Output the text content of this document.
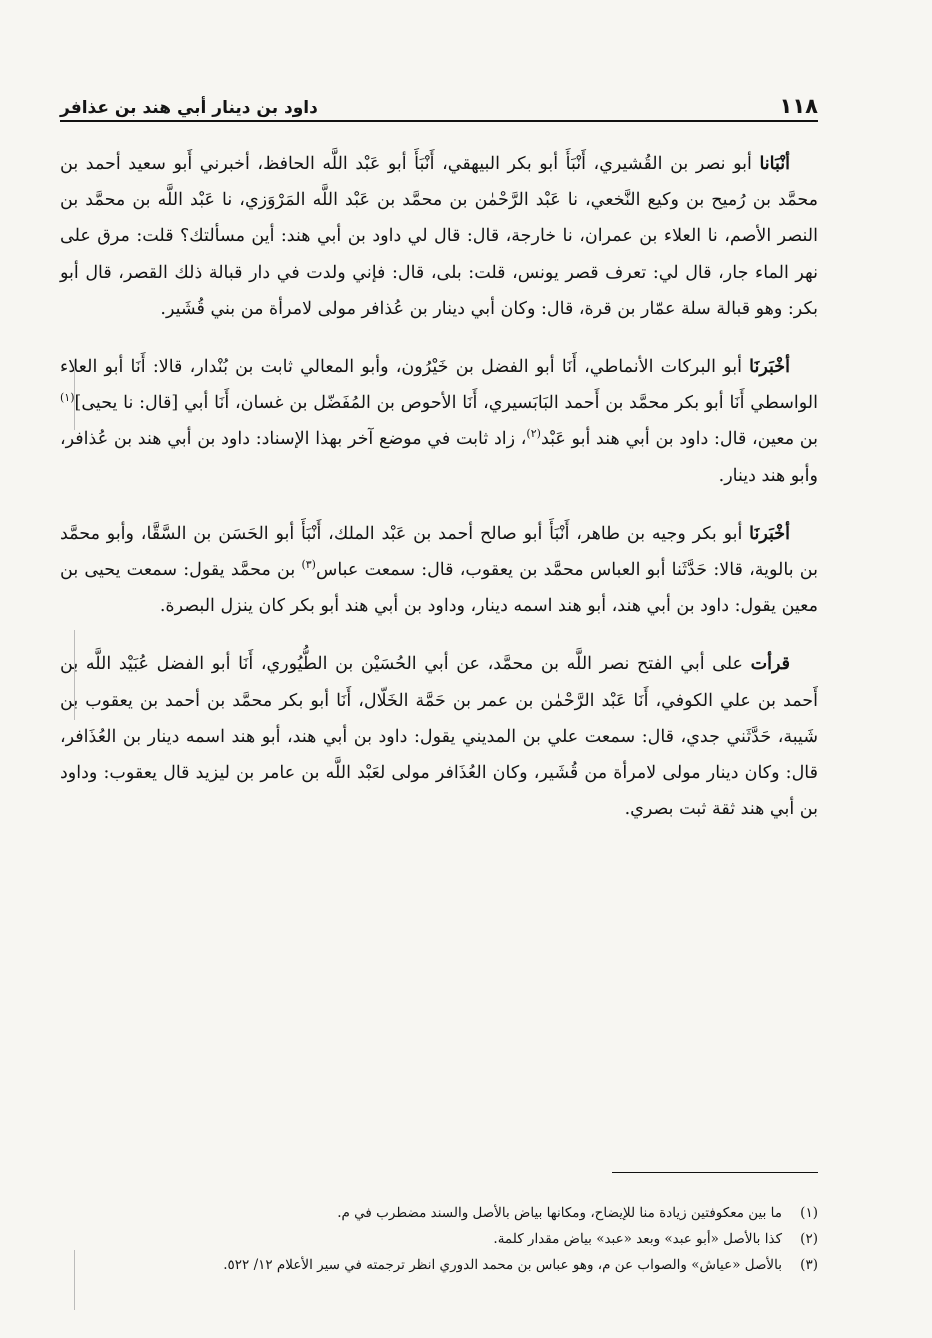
١١٨
داود بن دينار أبي هند بن عذافر

أنْبَانا أبو نصر بن القُشيري، أَنْبَأَ أبو بكر البيهقي، أَنْبَأَ أبو عَبْد اللَّه الحافظ، أخبرني أَبو سعيد أحمد بن محمَّد بن رُميح بن وكيع النَّخعي، نا عَبْد الرَّحْمٰن بن محمَّد بن عَبْد اللَّه المَرْوَزي، نا عَبْد اللَّه بن محمَّد بن النصر الأصم، نا العلاء بن عمران، نا خارجة، قال: قال لي داود بن أبي هند: أين مسألتك؟ قلت: مرق على نهر الماء جار، قال لي: تعرف قصر يونس، قلت: بلى، قال: فإني ولدت في دار قبالة ذلك القصر، قال أبو بكر: وهو قبالة سلة عمّار بن قرة، قال: وكان أبي دينار بن عُذافر مولى لامرأة من بني قُشَير.

أخْبَرنَا أبو البركات الأنماطي، أَنَا أبو الفضل بن خَيْرُون، وأبو المعالي ثابت بن بُنْدار، قالا: أَنَا أبو العلاء الواسطي أَنَا أبو بكر محمَّد بن أَحمد البَابَسيري، أَنَا الأحوص بن المُفَضّل بن غسان، أَنَا أبي [قال: نا يحيى]$^{(١)}$ بن معين، قال: داود بن أبي هند أبو عَبْد$^{(٢)}$، زاد ثابت في موضع آخر بهذا الإسناد: داود بن أبي هند بن عُذافر، وأبو هند دينار.

أخْبَرنَا أبو بكر وجيه بن طاهر، أَنْبَأَ أبو صالح أحمد بن عَبْد الملك، أَنْبَأَ أبو الحَسَن بن السَّقَّا، وأبو محمَّد بن بالوية، قالا: حَدَّثَنا أبو العباس محمَّد بن يعقوب، قال: سمعت عباس$^{(٣)}$ بن محمَّد يقول: سمعت يحيى بن معين يقول: داود بن أبي هند، أبو هند اسمه دينار، وداود بن أبي هند أبو بكر كان ينزل البصرة.

قرأت على أبي الفتح نصر اللَّه بن محمَّد، عن أبي الحُسَيْن بن الطُّيُوري، أَنَا أبو الفضل عُبَيْد اللَّه بن أَحمد بن علي الكوفي، أَنَا عَبْد الرَّحْمٰن بن عمر بن حَمَّة الخَلّال، أَنَا أبو بكر محمَّد بن أحمد بن يعقوب بن شَيبة، حَدَّثَني جدي، قال: سمعت علي بن المديني يقول: داود بن أبي هند، أبو هند اسمه دينار بن العُذَافر، قال: وكان دينار مولى لامرأة من قُشَير، وكان العُذَافر مولى لعَبْد اللَّه بن عامر بن ليزيد قال يعقوب: وداود بن أبي هند ثقة ثبت بصري.

(١)ما بين معكوفتين زيادة منا للإيضاح، ومكانها بياض بالأصل والسند مضطرب في م.

(٢)كذا بالأصل «أبو عبد» وبعد «عبد» بياض مقدار كلمة.

(٣)بالأصل «عياش» والصواب عن م، وهو عباس بن محمد الدوري انظر ترجمته في سير الأعلام ١٢/ ٥٢٢.
